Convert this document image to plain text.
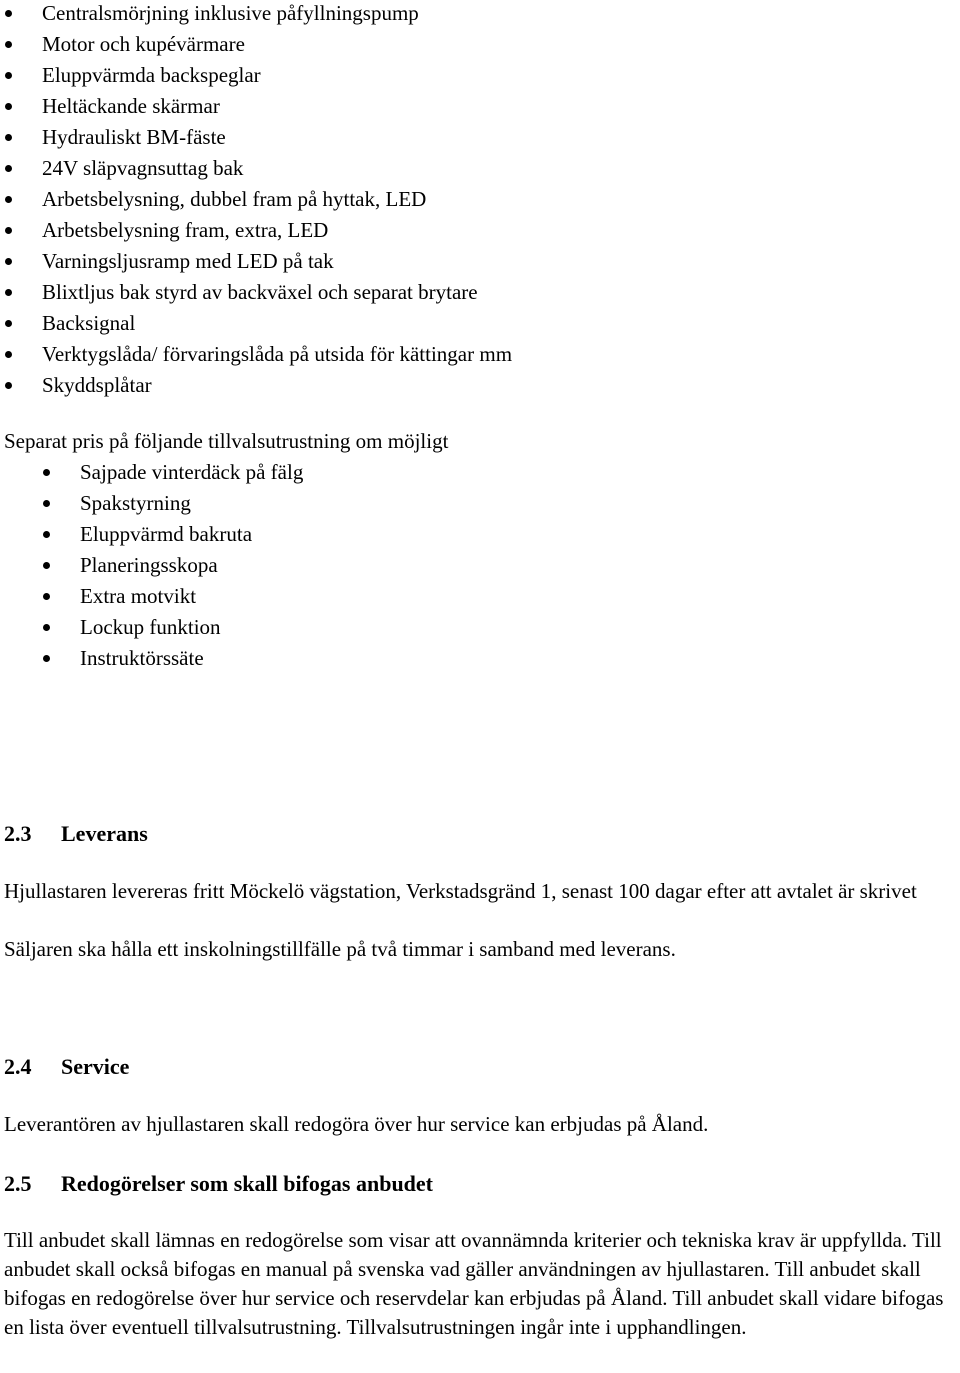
Centralsmörjning inklusive påfyllningspump
Motor och kupévärmare
Eluppvärmda backspeglar
Heltäckande skärmar
Hydrauliskt BM-fäste
24V släpvagnsuttag bak
Arbetsbelysning, dubbel fram på hyttak, LED
Arbetsbelysning fram, extra, LED
Varningsljusramp med LED på tak
Blixtljus bak styrd av backväxel och separat brytare
Backsignal
Verktygslåda/ förvaringslåda på utsida för kättingar mm
Skyddsplåtar

Separat pris på följande tillvalsutrustning om möjligt

Sajpade vinterdäck på fälg
Spakstyrning
Eluppvärmd bakruta
Planeringsskopa
Extra motvikt
Lockup funktion
Instruktörssäte
2.3 Leverans

Hjullastaren levereras fritt Möckelö vägstation, Verkstadsgränd 1, senast 100 dagar efter att avtalet är skrivet

Säljaren ska hålla ett inskolningstillfälle på två timmar i samband med leverans.

2.4 Service

Leverantören av hjullastaren skall redogöra över hur service kan erbjudas på Åland.

2.5 Redogörelser som skall bifogas anbudet

Till anbudet skall lämnas en redogörelse som visar att ovannämnda kriterier och tekniska krav är uppfyllda. Till anbudet skall också bifogas en manual på svenska vad gäller användningen av hjullastaren. Till anbudet skall bifogas en redogörelse över hur service och reservdelar kan erbjudas på Åland. Till anbudet skall vidare bifogas en lista över eventuell tillvalsutrustning. Tillvalsutrustningen ingår inte i upphandlingen.
